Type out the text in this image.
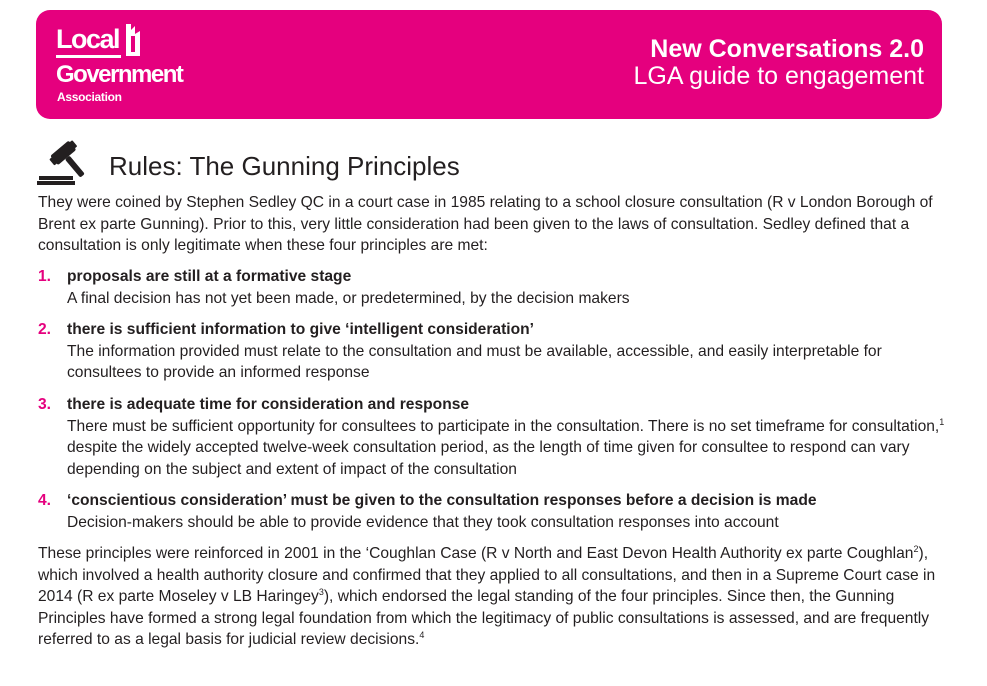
Local
Government
Association
New Conversations 2.0
LGA guide to engagement
Rules: The Gunning Principles

They were coined by Stephen Sedley QC in a court case in 1985 relating to a school closure consultation (R v London Borough of Brent ex parte Gunning). Prior to this, very little consideration had been given to the laws of consultation. Sedley defined that a consultation is only legitimate when these four principles are met:

1. proposals are still at a formative stage
A final decision has not yet been made, or predetermined, by the decision makers
2. there is sufficient information to give ‘intelligent consideration’
The information provided must relate to the consultation and must be available, accessible, and easily interpretable for consultees to provide an informed response
3. there is adequate time for consideration and response
There must be sufficient opportunity for consultees to participate in the consultation. There is no set timeframe for consultation,$^1$ despite the widely accepted twelve-week consultation period, as the length of time given for consultee to respond can vary depending on the subject and extent of impact of the consultation
4. ‘conscientious consideration’ must be given to the consultation responses before a decision is made
Decision-makers should be able to provide evidence that they took consultation responses into account

These principles were reinforced in 2001 in the ‘Coughlan Case (R v North and East Devon Health Authority ex parte Coughlan$^2$), which involved a health authority closure and confirmed that they applied to all consultations, and then in a Supreme Court case in 2014 (R ex parte Moseley v LB Haringey$^3$), which endorsed the legal standing of the four principles. Since then, the Gunning Principles have formed a strong legal foundation from which the legitimacy of public consultations is assessed, and are frequently referred to as a legal basis for judicial review decisions.$^4$
